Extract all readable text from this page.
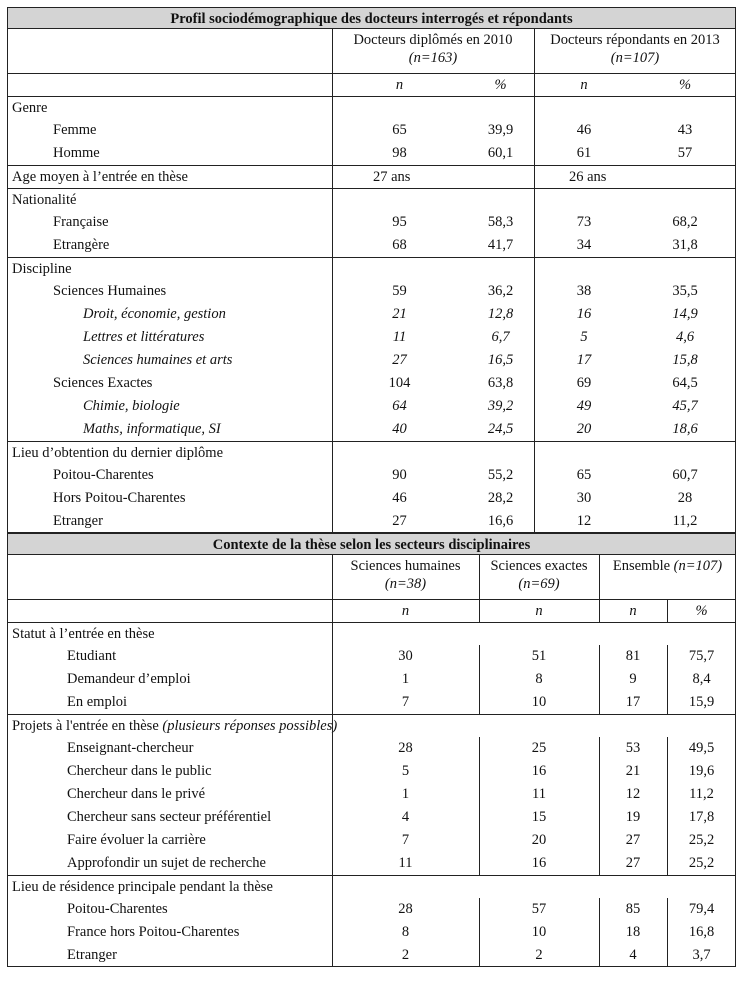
Profil sociodémographique des docteurs interrogés et répondants
Docteurs diplômés en 2010 (n=163)
Docteurs répondants en 2013 (n=107)
n	%	n	%
Genre
Femme	65	39,9	46	43
Homme	98	60,1	61	57
Age moyen à l’entrée en thèse	27 ans	26 ans
Nationalité
Française	95	58,3	73	68,2
Etrangère	68	41,7	34	31,8
Discipline
Sciences Humaines	59	36,2	38	35,5
Droit, économie, gestion	21	12,8	16	14,9
Lettres et littératures	11	6,7	5	4,6
Sciences humaines et arts	27	16,5	17	15,8
Sciences Exactes	104	63,8	69	64,5
Chimie, biologie	64	39,2	49	45,7
Maths, informatique, SI	40	24,5	20	18,6
Lieu d’obtention du dernier diplôme
Poitou-Charentes	90	55,2	65	60,7
Hors Poitou-Charentes	46	28,2	30	28
Etranger	27	16,6	12	11,2
Contexte de la thèse selon les secteurs disciplinaires
Sciences humaines (n=38)
Sciences exactes (n=69)
Ensemble (n=107)
n	n	n	%
Statut à l’entrée en thèse
Etudiant	30	51	81	75,7
Demandeur d’emploi	1	8	9	8,4
En emploi	7	10	17	15,9
Projets à l'entrée en thèse (plusieurs réponses possibles)
Enseignant-chercheur	28	25	53	49,5
Chercheur dans le public	5	16	21	19,6
Chercheur dans le privé	1	11	12	11,2
Chercheur sans secteur préférentiel	4	15	19	17,8
Faire évoluer la carrière	7	20	27	25,2
Approfondir un sujet de recherche	11	16	27	25,2
Lieu de résidence principale pendant la thèse
Poitou-Charentes	28	57	85	79,4
France hors Poitou-Charentes	8	10	18	16,8
Etranger	2	2	4	3,7
